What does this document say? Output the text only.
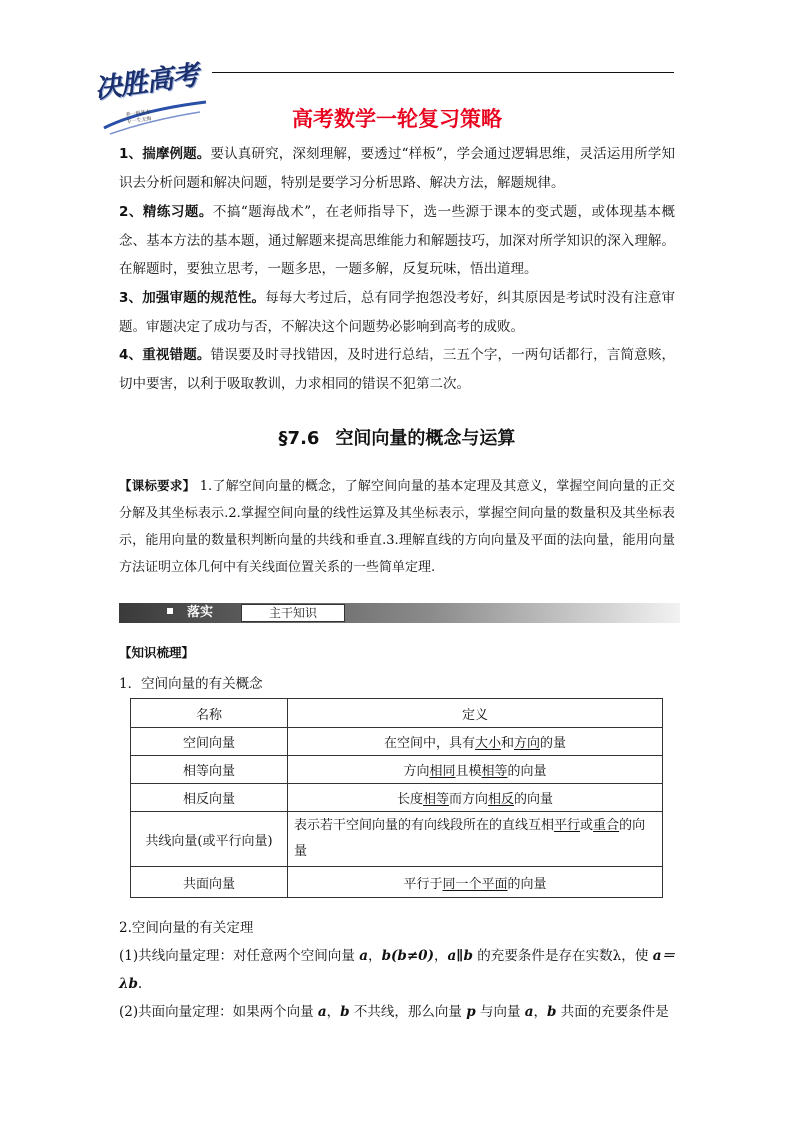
决胜高考
养一般基本
专一生无悔	高考数学一轮复习策略
1、揣摩例题。要认真研究，深刻理解，要透过“样板”，学会通过逻辑思维，灵活运用所学知识去分析问题和解决问题，特别是要学习分析思路、解决方法，解题规律。
2、精练习题。不搞“题海战术”，在老师指导下，选一些源于课本的变式题，或体现基本概念、基本方法的基本题，通过解题来提高思维能力和解题技巧，加深对所学知识的深入理解。在解题时，要独立思考，一题多思，一题多解，反复玩味，悟出道理。
3、加强审题的规范性。每每大考过后，总有同学抱怨没考好，纠其原因是考试时没有注意审题。审题决定了成功与否，不解决这个问题势必影响到高考的成败。
4、重视错题。错误要及时寻找错因，及时进行总结，三五个字，一两句话都行，言简意赅，切中要害，以利于吸取教训，力求相同的错误不犯第二次。
§7.6 空间向量的概念与运算
【课标要求】 1.了解空间向量的概念，了解空间向量的基本定理及其意义，掌握空间向量的正交分解及其坐标表示.2.掌握空间向量的线性运算及其坐标表示，掌握空间向量的数量积及其坐标表示，能用向量的数量积判断向量的共线和垂直.3.理解直线的方向向量及平面的法向量，能用向量方法证明立体几何中有关线面位置关系的一些简单定理.
落实	主干知识
【知识梳理】
1．空间向量的有关概念
名称	定义
空间向量	在空间中，具有大小和方向的量
相等向量	方向相同且模相等的向量
相反向量	长度相等而方向相反的向量
共线向量(或平行向量)	表示若干空间向量的有向线段所在的直线互相平行或重合的向量
共面向量	平行于同一个平面的向量
2.空间向量的有关定理
(1)共线向量定理：对任意两个空间向量 a，b(b≠0)，a∥b 的充要条件是存在实数λ，使 a＝λb.
(2)共面向量定理：如果两个向量 a，b 不共线，那么向量 p 与向量 a，b 共面的充要条件是
